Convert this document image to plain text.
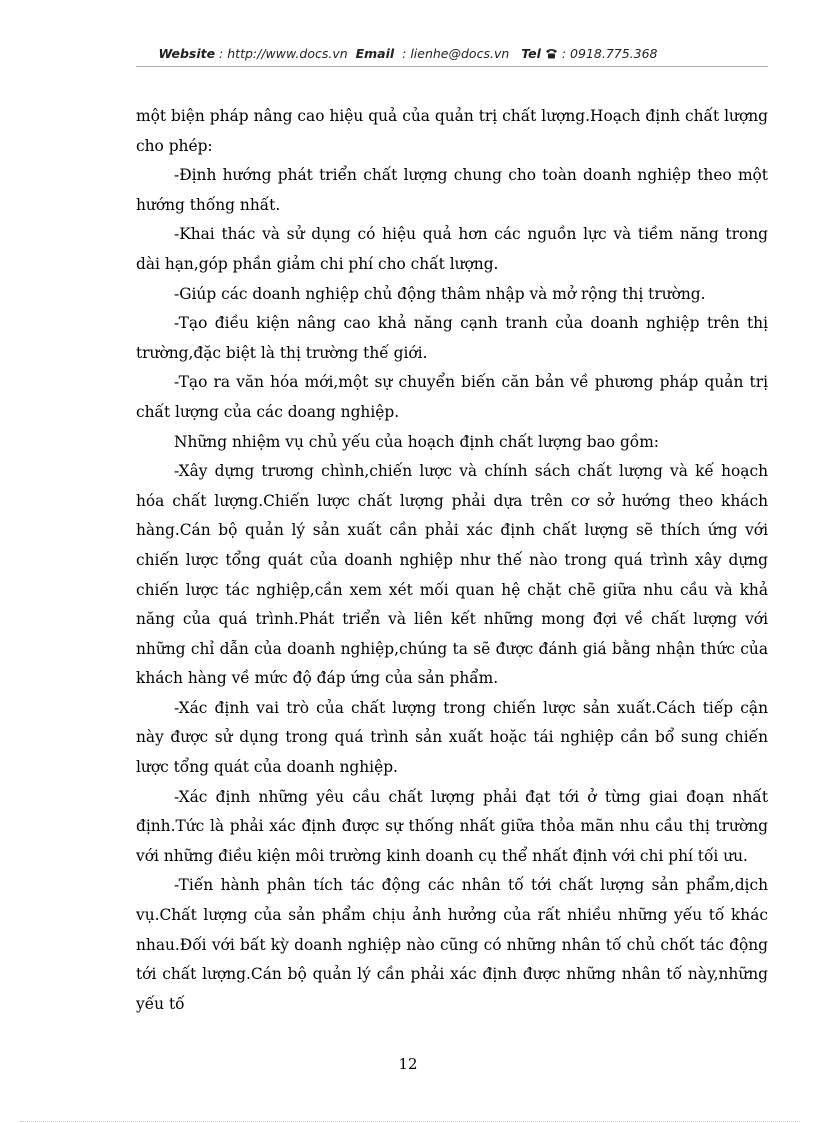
Website : http://www.docs.vn Email  : lienhe@docs.vn Tel  : 0918.775.368

một biện pháp nâng cao hiệu quả của quản trị chất lượng.Hoạch định chất lượng cho phép:

-Định hướng phát triển chất lượng chung cho toàn doanh nghiệp theo một hướng thống nhất.

-Khai thác và sử dụng có hiệu quả hơn các nguồn lực và tiềm năng trong dài hạn,góp phần giảm chi phí cho chất lượng.

-Giúp các doanh nghiệp chủ động thâm nhập và mở rộng thị trường.

-Tạo điều kiện nâng cao khả năng cạnh tranh của doanh nghiệp trên thị trường,đặc biệt là thị trường thế giới.

-Tạo ra văn hóa mới,một sự chuyển biến căn bản về phương pháp quản trị chất lượng của các doang nghiệp.

Những nhiệm vụ chủ yếu của hoạch định chất lượng bao gồm:

-Xây dựng trương chình,chiến lược và chính sách chất lượng và kế hoạch hóa chất lượng.Chiến lược chất lượng phải dựa trên cơ sở hướng theo khách hàng.Cán bộ quản lý sản xuất cần phải xác định chất lượng sẽ thích ứng với chiến lược tổng quát của doanh nghiệp như thế nào trong quá trình xây dựng chiến lược tác nghiệp,cần xem xét mối quan hệ chặt chẽ giữa nhu cầu và khả năng của quá trình.Phát triển và liên kết những mong đợi về chất lượng với những chỉ dẫn của doanh nghiệp,chúng ta sẽ được đánh giá bằng nhận thức của khách hàng về mức độ đáp ứng của sản phẩm.

-Xác định vai trò của chất lượng trong chiến lược sản xuất.Cách tiếp cận này được sử dụng trong quá trình sản xuất hoặc tái nghiệp cần bổ sung chiến lược tổng quát của doanh nghiệp.

-Xác định những yêu cầu chất lượng phải đạt tới ở từng giai đoạn nhất định.Tức là phải xác định được sự thống nhất giữa thỏa mãn nhu cầu thị trường với những điều kiện môi trường kinh doanh cụ thể nhất định với chi phí tối ưu.

-Tiến hành phân tích tác động các nhân tố tới chất lượng sản phẩm,dịch vụ.Chất lượng của sản phẩm chịu ảnh hưởng của rất nhiều những yếu tố khác nhau.Đối với bất kỳ doanh nghiệp nào cũng có những nhân tố chủ chốt tác động tới chất lượng.Cán bộ quản lý cần phải xác định được những nhân tố này,những yếu tố

12
